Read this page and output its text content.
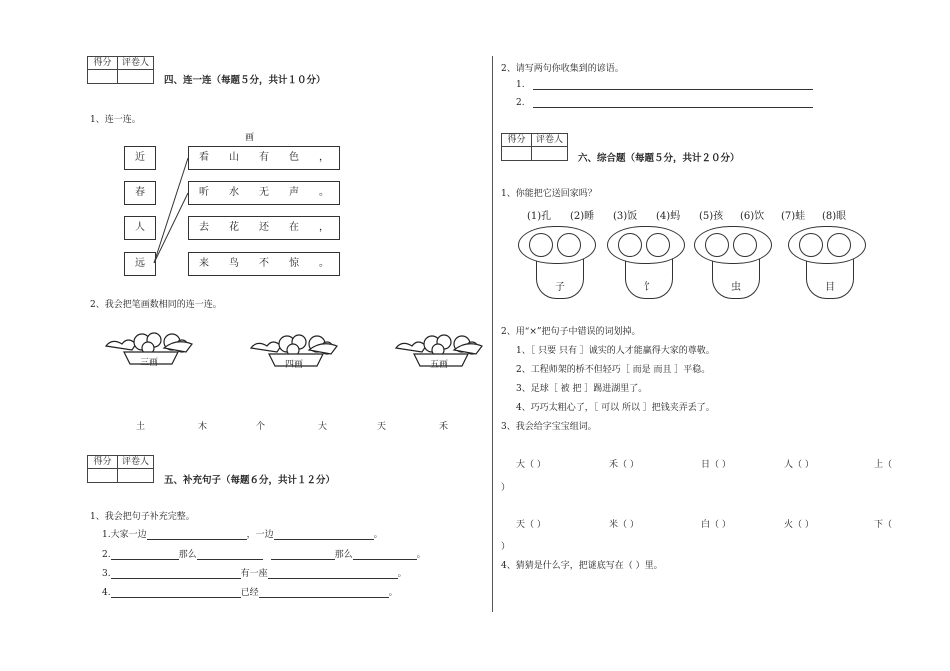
得分	评卷人
四、连一连（每题５分，共计１０分）
1、连一连。
画
近
春
人
远
看	山	有	色	，
听	水	无	声	。
去	花	还	在	，
来	鸟	不	惊	。
2、我会把笔画数相同的连一连。
三画	四画	五画
土	木	个	大	天	禾
得分	评卷人
五、补充句子（每题６分，共计１２分）
1、我会把句子补充完整。
1.大家一边	，一边	。
2.	那么	那么	。
3.	有一座	。
4.	已经	。
2、请写两句你收集到的谚语。
1.
2.
得分	评卷人
六、综合题（每题５分，共计２０分）
1、你能把它送回家吗？
(1)孔 (2)睡 (3)饭 (4)蚂 (5)孩 (6)饮 (7)蛙 (8)眼
子	饣	虫	目
2、用“×”把句子中错误的词划掉。
1、［ 只要 只有 ］诚实的人才能赢得大家的尊敬。
2、工程师架的桥不但轻巧［ 而是 而且 ］平稳。
3、足球［ 被 把 ］踢进湖里了。
4、巧巧太粗心了，［ 可以 所以 ］把钱夹弄丢了。
3、我会给字宝宝组词。
大（ ）	禾（ ）	日（ ）	人（ ）	上（
）
天（ ）	米（ ）	白（ ）	火（ ）	下（
）
4、猜猜是什么字，把谜底写在（ ）里。
